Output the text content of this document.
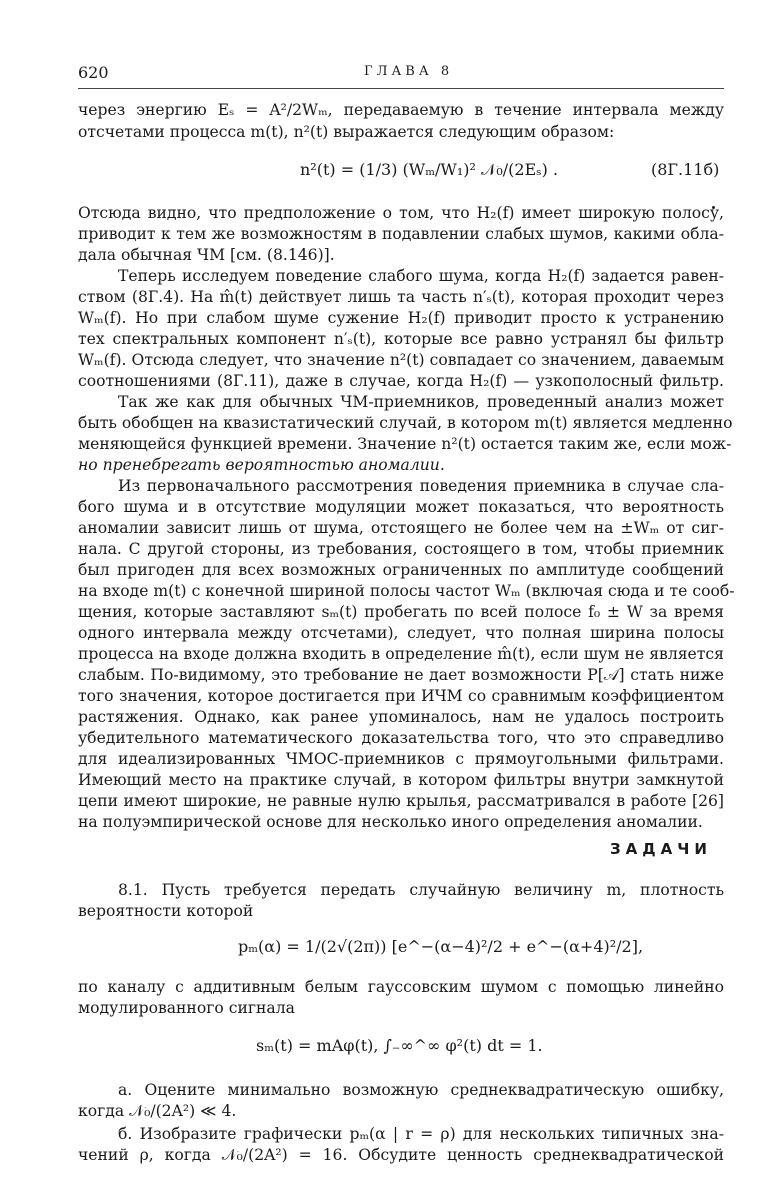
620	ГЛАВА 8
через энергию Eₛ = A²/2Wₘ, передаваемую в течение интервала между
отсчетами процесса m(t), n²(t) выражается следующим образом:
n²(t) = (1/3) (Wₘ/W₁)² 𝒩₀/(2Eₛ) .	(8Г.11б)
Отсюда видно, что предположение о том, что H₂(f) имеет широкую полосу,
приводит к тем же возможностям в подавлении слабых шумов, какими обла-
дала обычная ЧМ [см. (8.146)].
Теперь исследуем поведение слабого шума, когда H₂(f) задается равен-
ством (8Г.4). На m̂(t) действует лишь та часть n′ₛ(t), которая проходит через
Wₘ(f). Но при слабом шуме сужение H₂(f) приводит просто к устранению
тех спектральных компонент n′ₛ(t), которые все равно устранял бы фильтр
Wₘ(f). Отсюда следует, что значение n²(t) совпадает со значением, даваемым
соотношениями (8Г.11), даже в случае, когда H₂(f) — узкополосный фильтр.
Так же как для обычных ЧМ-приемников, проведенный анализ может
быть обобщен на квазистатический случай, в котором m(t) является медленно
меняющейся функцией времени. Значение n²(t) остается таким же, если мож-
но пренебрегать вероятностью аномалии.
Из первоначального рассмотрения поведения приемника в случае сла-
бого шума и в отсутствие модуляции может показаться, что вероятность
аномалии зависит лишь от шума, отстоящего не более чем на ±Wₘ от сиг-
нала. С другой стороны, из требования, состоящего в том, чтобы приемник
был пригоден для всех возможных ограниченных по амплитуде сообщений
на входе m(t) с конечной шириной полосы частот Wₘ (включая сюда и те сооб-
щения, которые заставляют sₘ(t) пробегать по всей полосе f₀ ± W за время
одного интервала между отсчетами), следует, что полная ширина полосы
процесса на входе должна входить в определение m̂(t), если шум не является
слабым. По-видимому, это требование не дает возможности P[𝒜] стать ниже
того значения, которое достигается при ИЧМ со сравнимым коэффициентом
растяжения. Однако, как ранее упоминалось, нам не удалось построить
убедительного математического доказательства того, что это справедливо
для идеализированных ЧМОС-приемников с прямоугольными фильтрами.
Имеющий место на практике случай, в котором фильтры внутри замкнутой
цепи имеют широкие, не равные нулю крылья, рассматривался в работе [26]
на полуэмпирической основе для несколько иного определения аномалии.
ЗАДАЧИ
8.1. Пусть требуется передать случайную величину m, плотность
вероятности которой
pₘ(α) = 1/(2√(2π)) [e^−(α−4)²/2 + e^−(α+4)²/2],
по каналу с аддитивным белым гауссовским шумом с помощью линейно
модулированного сигнала
sₘ(t) = mAφ(t), ∫₋∞^∞ φ²(t) dt = 1.
а. Оцените минимально возможную среднеквадратическую ошибку,
когда 𝒩₀/(2A²) ≪ 4.
б. Изобразите графически pₘ(α | r = ρ) для нескольких типичных зна-
чений ρ, когда 𝒩₀/(2A²) = 16. Обсудите ценность среднеквадратической
